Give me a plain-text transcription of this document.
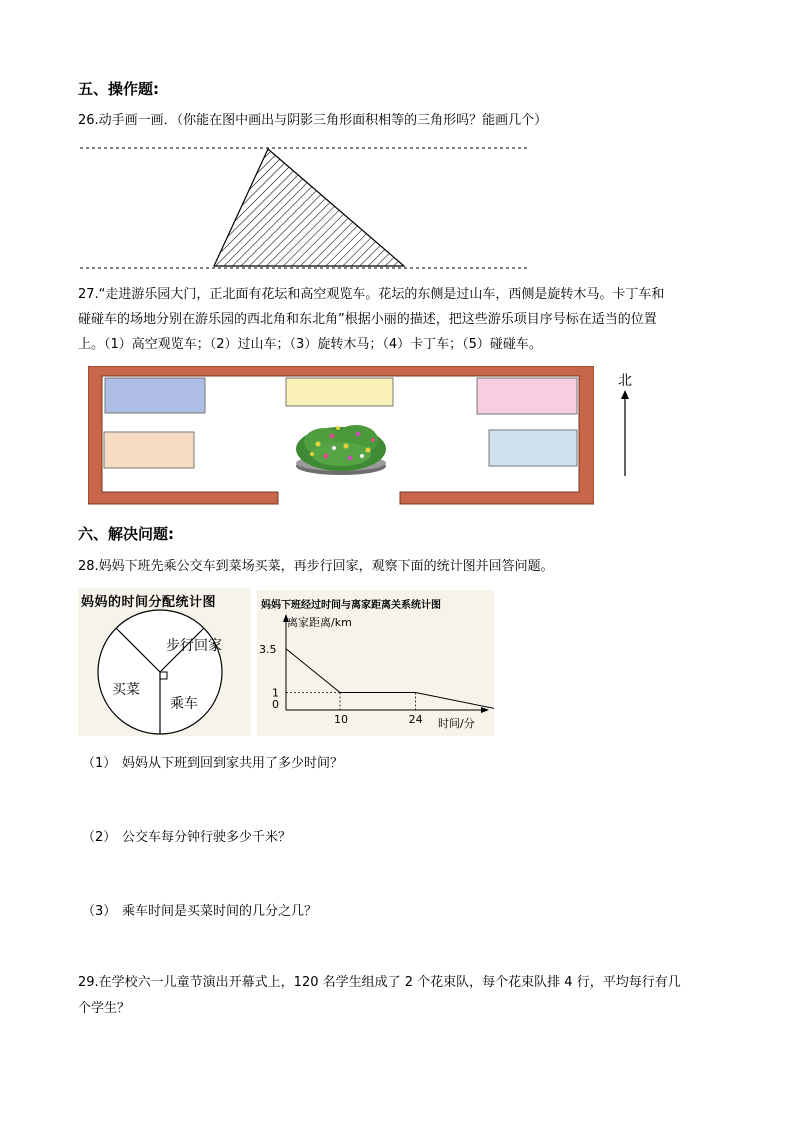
五、操作题:
26.动手画一画．（你能在图中画出与阴影三角形面积相等的三角形吗？能画几个）
27.“走进游乐园大门，正北面有花坛和高空观览车。花坛的东侧是过山车，西侧是旋转木马。卡丁车和
碰碰车的场地分别在游乐园的西北角和东北角”根据小丽的描述，把这些游乐项目序号标在适当的位置
上。（1）高空观览车；（2）过山车；（3）旋转木马；（4）卡丁车；（5）碰碰车。
北
六、解决问题:
28.妈妈下班先乘公交车到菜场买菜，再步行回家，观察下面的统计图并回答问题。
妈妈的时间分配统计图
步行回家
买菜
乘车
妈妈下班经过时间与离家距离关系统计图
离家距离/km
时间/分
3.5
1
0
10	24
（1） 妈妈从下班到回到家共用了多少时间？
（2） 公交车每分钟行驶多少千米？
（3） 乘车时间是买菜时间的几分之几？
29.在学校六一儿童节演出开幕式上，120 名学生组成了 2 个花束队，每个花束队排 4 行，平均每行有几
个学生？
